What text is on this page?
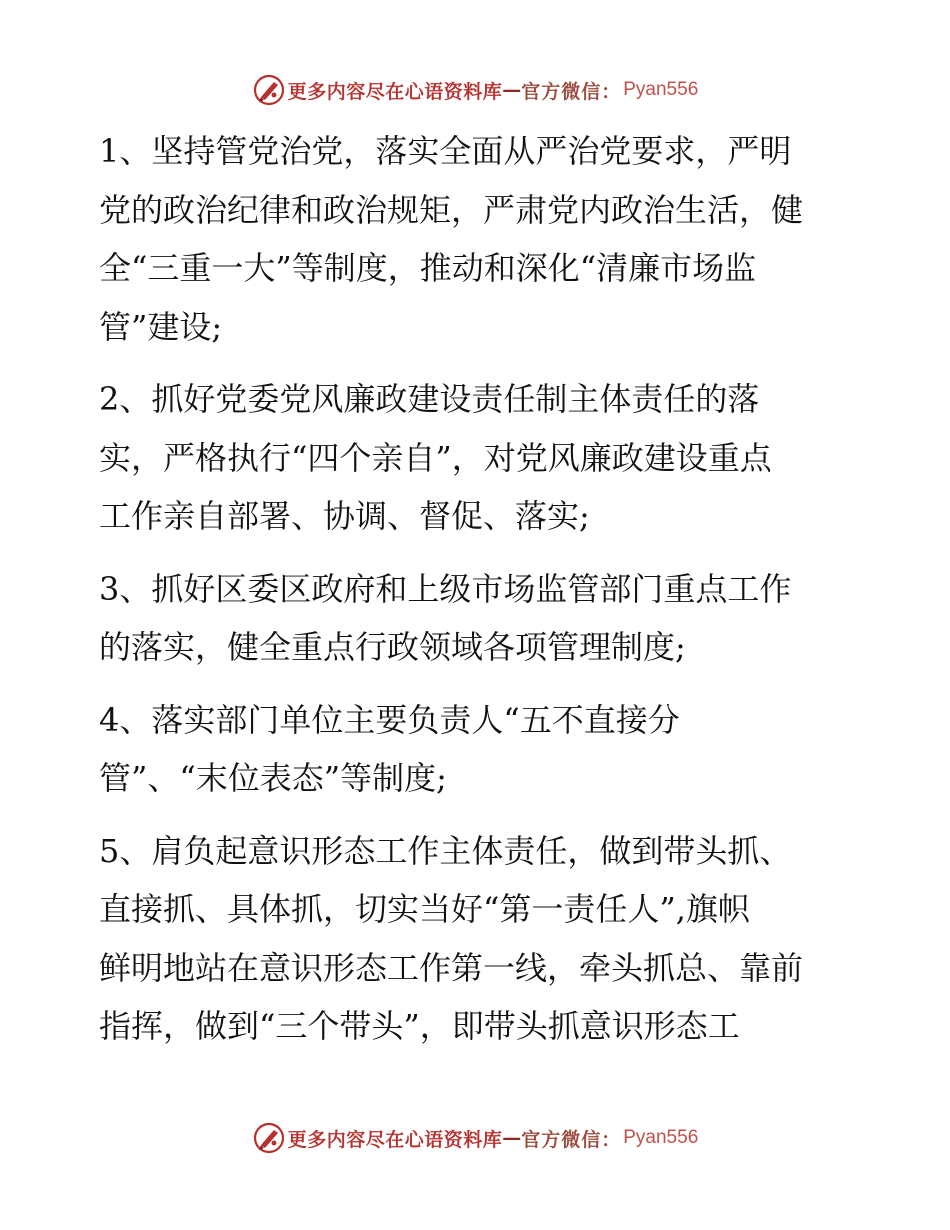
更多内容尽在心语资料库 — 官方微信： Pyan556

1、坚持管党治党，落实全面从严治党要求，严明

党的政治纪律和政治规矩，严肃党内政治生活，健

全“三重一大”等制度，推动和深化“清廉市场监

管”建设;

2、抓好党委党风廉政建设责任制主体责任的落

实，严格执行“四个亲自”，对党风廉政建设重点

工作亲自部署、协调、督促、落实;

3、抓好区委区政府和上级市场监管部门重点工作

的落实，健全重点行政领域各项管理制度;

4、落实部门单位主要负责人“五不直接分

管”、“末位表态”等制度;

5、肩负起意识形态工作主体责任，做到带头抓、

直接抓、具体抓，切实当好“第一责任人”,旗帜

鲜明地站在意识形态工作第一线，牵头抓总、靠前

指挥，做到“三个带头”，即带头抓意识形态工

更多内容尽在心语资料库 — 官方微信： Pyan556
